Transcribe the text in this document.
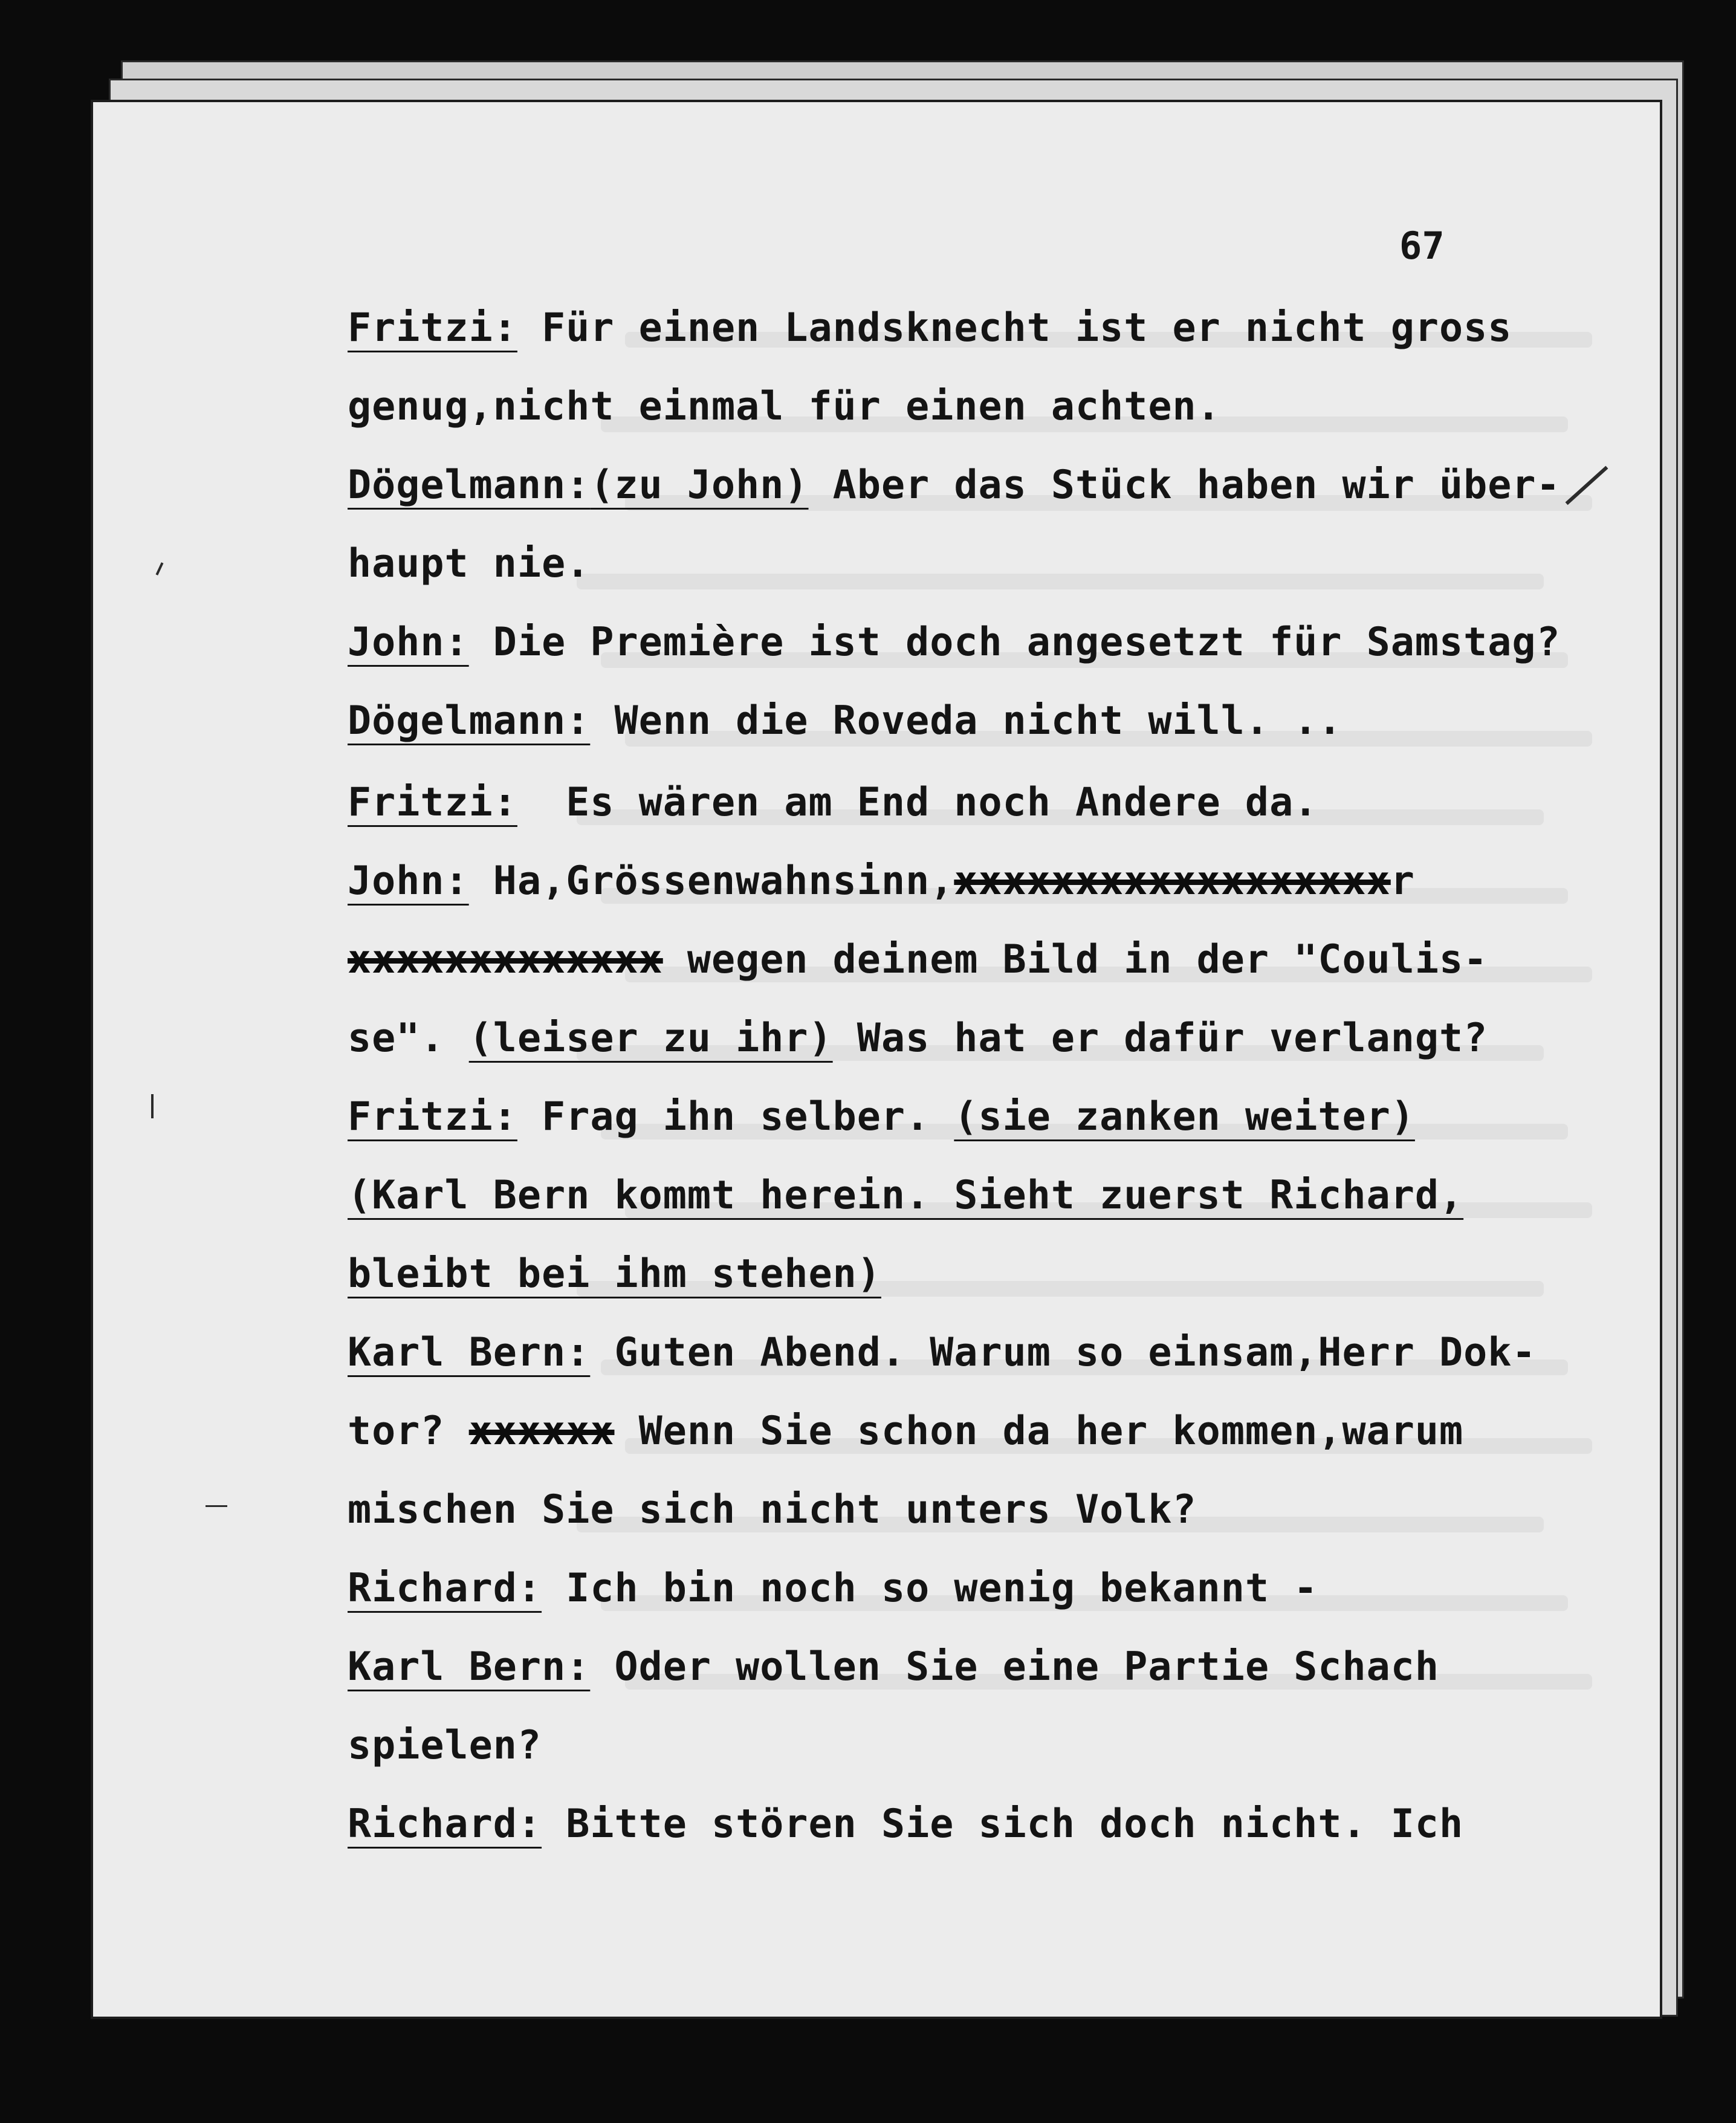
67
Fritzi: Für einen Landsknecht ist er nicht gross
genug,nicht einmal für einen achten.
Dögelmann:(zu John) Aber das Stück haben wir über-
haupt nie.
John: Die Première ist doch angesetzt für Samstag?
Dögelmann: Wenn die Roveda nicht will. ..
Fritzi:  Es wären am End noch Andere da.
John: Ha,Grössenwahnsinn,xxxxxxxxxxxxxxxxxxr
xxxxxxxxxxxxx wegen deinem Bild in der "Coulis-
se". (leiser zu ihr) Was hat er dafür verlangt?
Fritzi: Frag ihn selber. (sie zanken weiter)
(Karl Bern kommt herein. Sieht zuerst Richard,
bleibt bei ihm stehen)
Karl Bern: Guten Abend. Warum so einsam,Herr Dok-
tor? xxxxxx Wenn Sie schon da her kommen,warum
mischen Sie sich nicht unters Volk?
Richard: Ich bin noch so wenig bekannt -
Karl Bern: Oder wollen Sie eine Partie Schach
spielen?
Richard: Bitte stören Sie sich doch nicht. Ich
